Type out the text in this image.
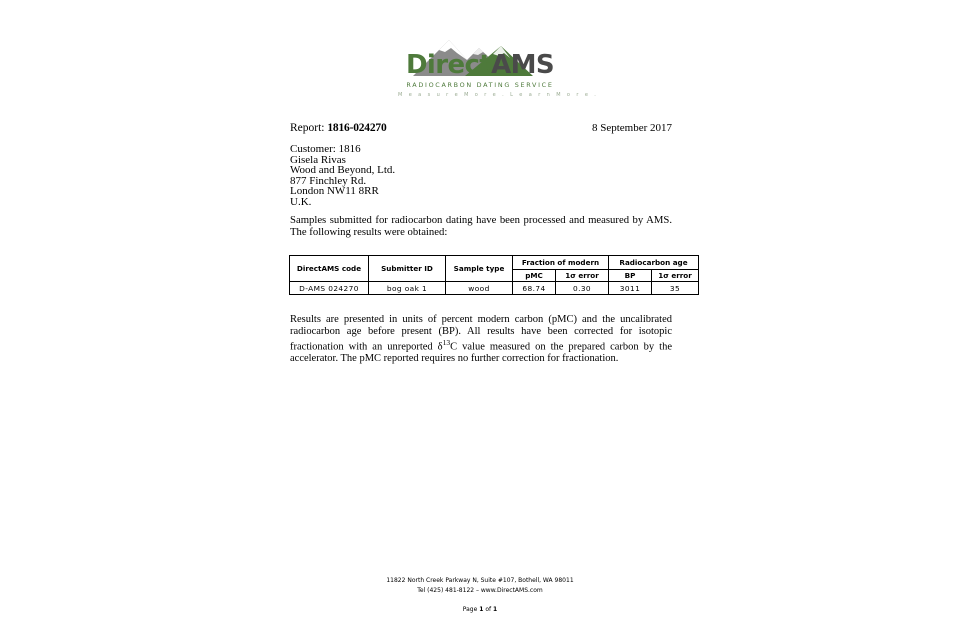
DirectAMS
RADIOCARBON DATING SERVICE
M e a s u r e M o r e . L e a r n M o r e .
Report: 1816-024270	8 September 2017
Customer: 1816
Gisela Rivas
Wood and Beyond, Ltd.
877 Finchley Rd.
London NW11 8RR
U.K.
Samples submitted for radiocarbon dating have been processed and measured by AMS. The following results were obtained:
DirectAMS code	Submitter ID	Sample type	Fraction of modern		Radiocarbon age	
			pMC	1σ error	BP	1σ error
D-AMS 024270	bog oak 1	wood	68.74	0.30	3011	35
Results are presented in units of percent modern carbon (pMC) and the uncalibrated radiocarbon age before present (BP). All results have been corrected for isotopic fractionation with an unreported $\delta^{13}C$ value measured on the prepared carbon by the accelerator. The pMC reported requires no further correction for fractionation.
11822 North Creek Parkway N, Suite #107, Bothell, WA 98011
Tel (425) 481-8122 – www.DirectAMS.com
Page 1 of 1
